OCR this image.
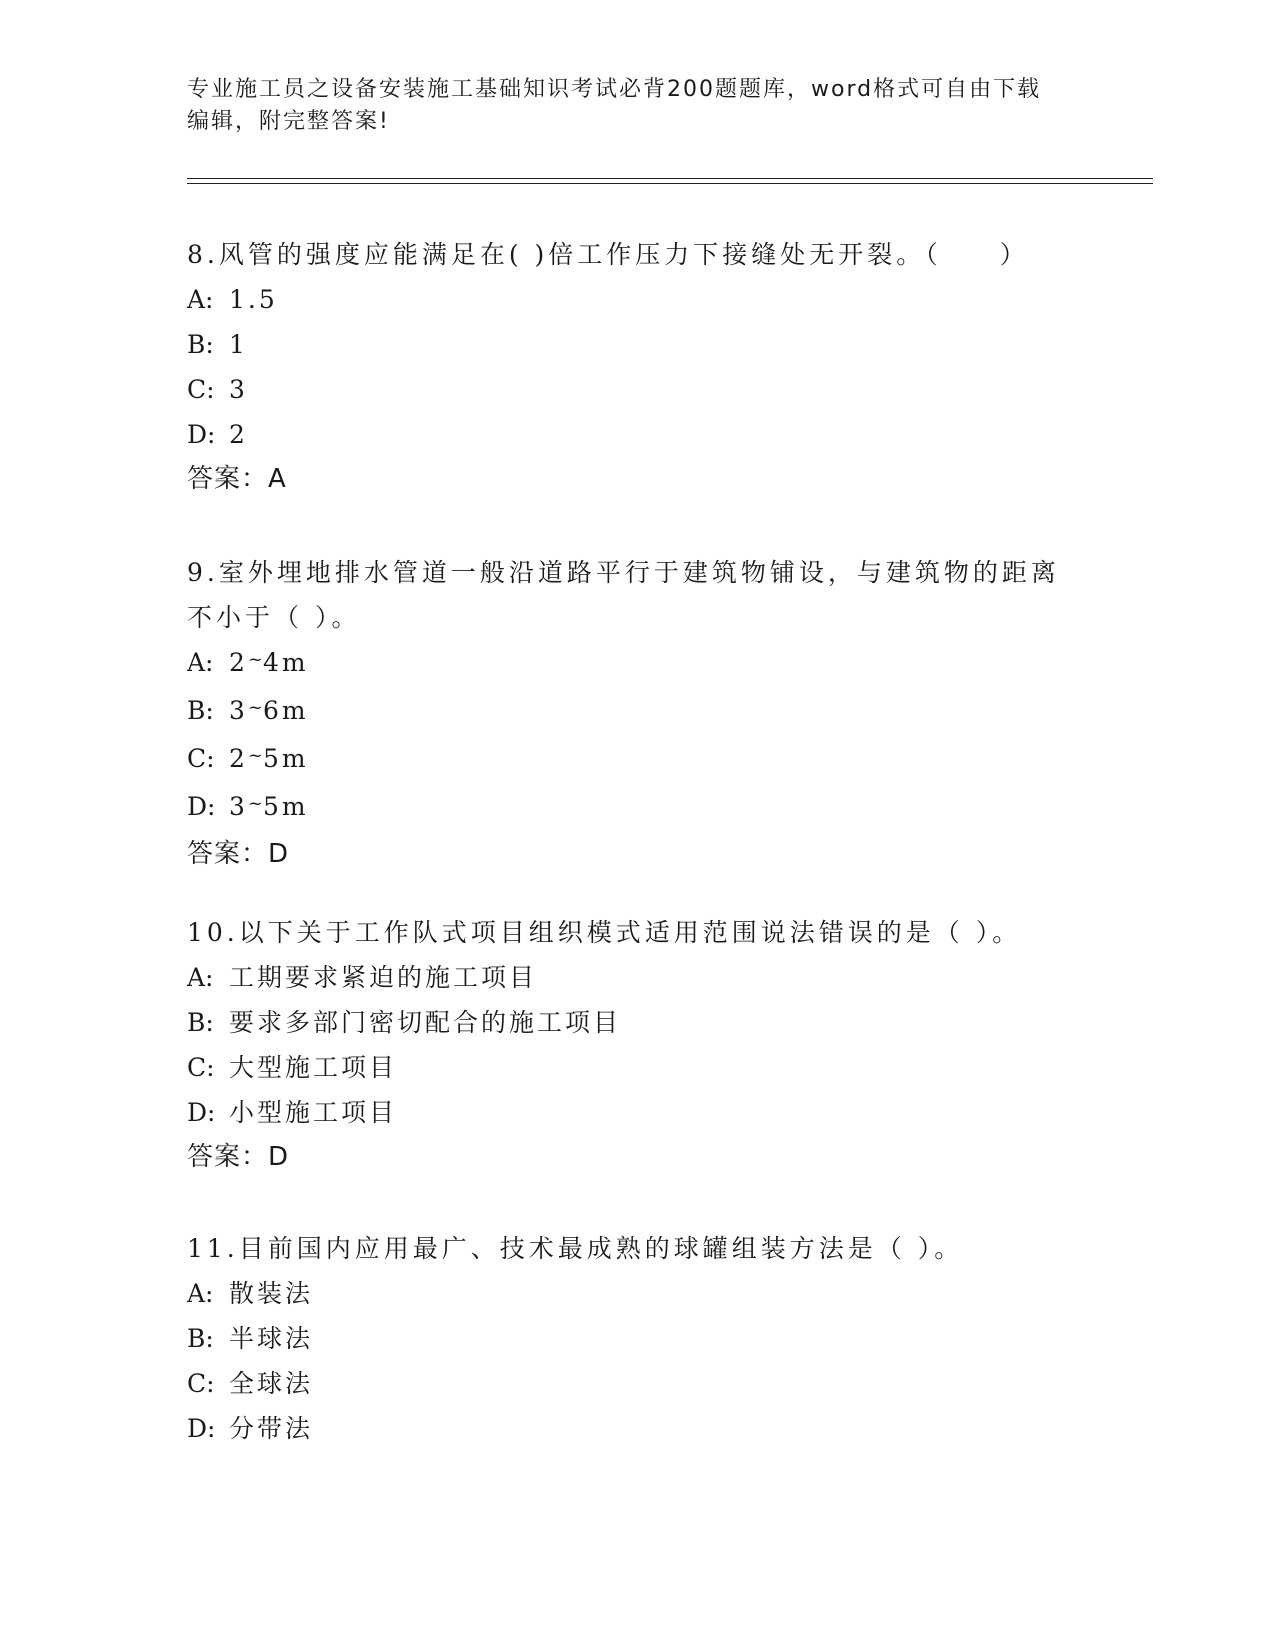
专业施工员之设备安装施工基础知识考试必背200题题库，word格式可自由下载
编辑，附完整答案!
8.风管的强度应能满足在( )倍工作压力下接缝处无开裂。（　　）
A: 1.5
B: 1
C: 3
D: 2
答案：A
9.室外埋地排水管道一般沿道路平行于建筑物铺设，与建筑物的距离
不小于（ ）。
A: 2~4m
B: 3~6m
C: 2~5m
D: 3~5m
答案：D
10.以下关于工作队式项目组织模式适用范围说法错误的是（ ）。
A: 工期要求紧迫的施工项目
B: 要求多部门密切配合的施工项目
C: 大型施工项目
D: 小型施工项目
答案：D
11.目前国内应用最广、技术最成熟的球罐组装方法是（ ）。
A: 散装法
B: 半球法
C: 全球法
D: 分带法
